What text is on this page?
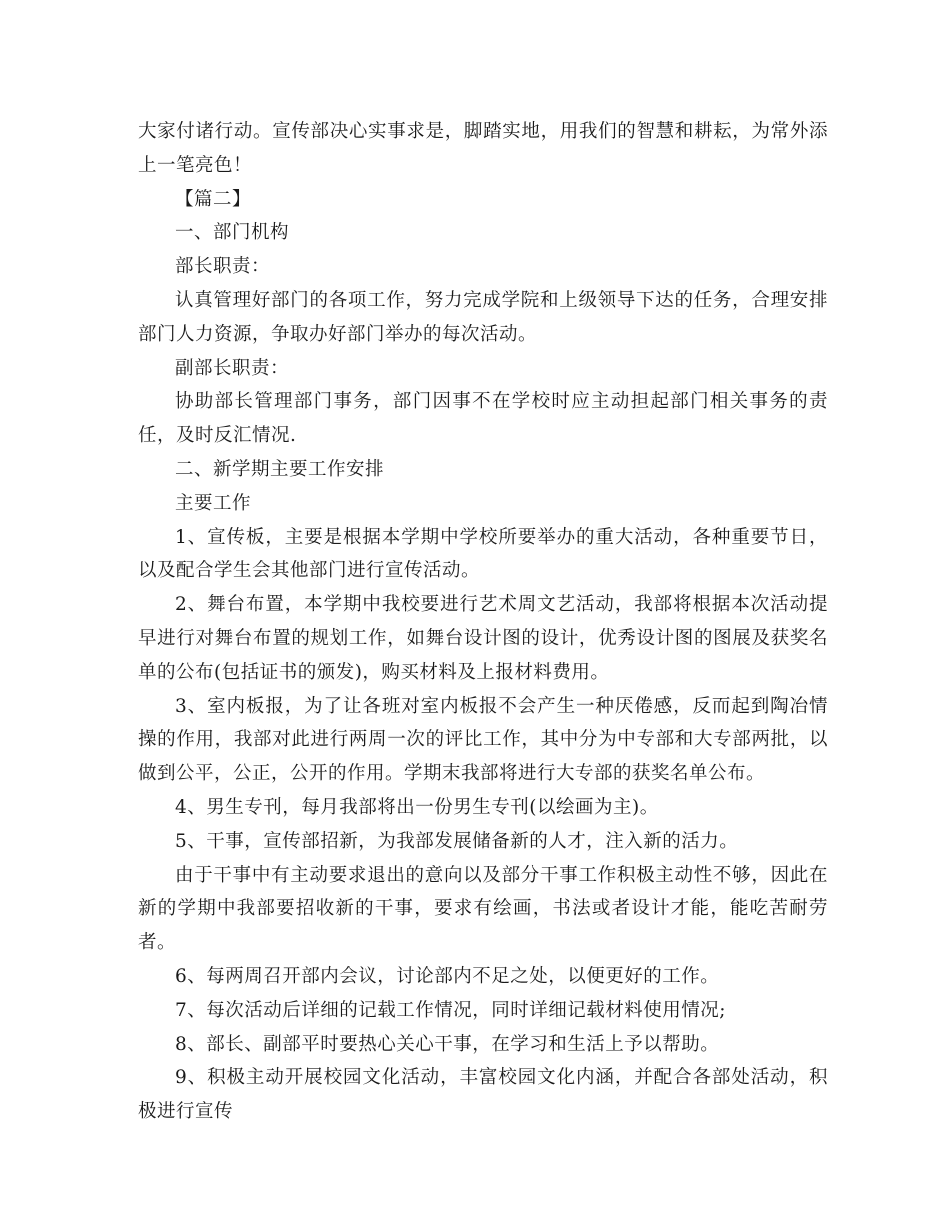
大家付诸行动。宣传部决心实事求是，脚踏实地，用我们的智慧和耕耘，为常外添上一笔亮色！

【篇二】

一、部门机构

部长职责：

认真管理好部门的各项工作，努力完成学院和上级领导下达的任务，合理安排部门人力资源，争取办好部门举办的每次活动。

副部长职责：

协助部长管理部门事务，部门因事不在学校时应主动担起部门相关事务的责任，及时反汇情况.

二、新学期主要工作安排

主要工作

1、宣传板，主要是根据本学期中学校所要举办的重大活动，各种重要节日，以及配合学生会其他部门进行宣传活动。

2、舞台布置，本学期中我校要进行艺术周文艺活动，我部将根据本次活动提早进行对舞台布置的规划工作，如舞台设计图的设计，优秀设计图的图展及获奖名单的公布(包括证书的颁发)，购买材料及上报材料费用。

3、室内板报，为了让各班对室内板报不会产生一种厌倦感，反而起到陶冶情操的作用，我部对此进行两周一次的评比工作，其中分为中专部和大专部两批，以做到公平，公正，公开的作用。学期末我部将进行大专部的获奖名单公布。

4、男生专刊，每月我部将出一份男生专刊(以绘画为主)。

5、干事，宣传部招新，为我部发展储备新的人才，注入新的活力。

由于干事中有主动要求退出的意向以及部分干事工作积极主动性不够，因此在新的学期中我部要招收新的干事，要求有绘画，书法或者设计才能，能吃苦耐劳者。

6、每两周召开部内会议，讨论部内不足之处，以便更好的工作。

7、每次活动后详细的记载工作情况，同时详细记载材料使用情况;

8、部长、副部平时要热心关心干事，在学习和生活上予以帮助。

9、积极主动开展校园文化活动，丰富校园文化内涵，并配合各部处活动，积极进行宣传
